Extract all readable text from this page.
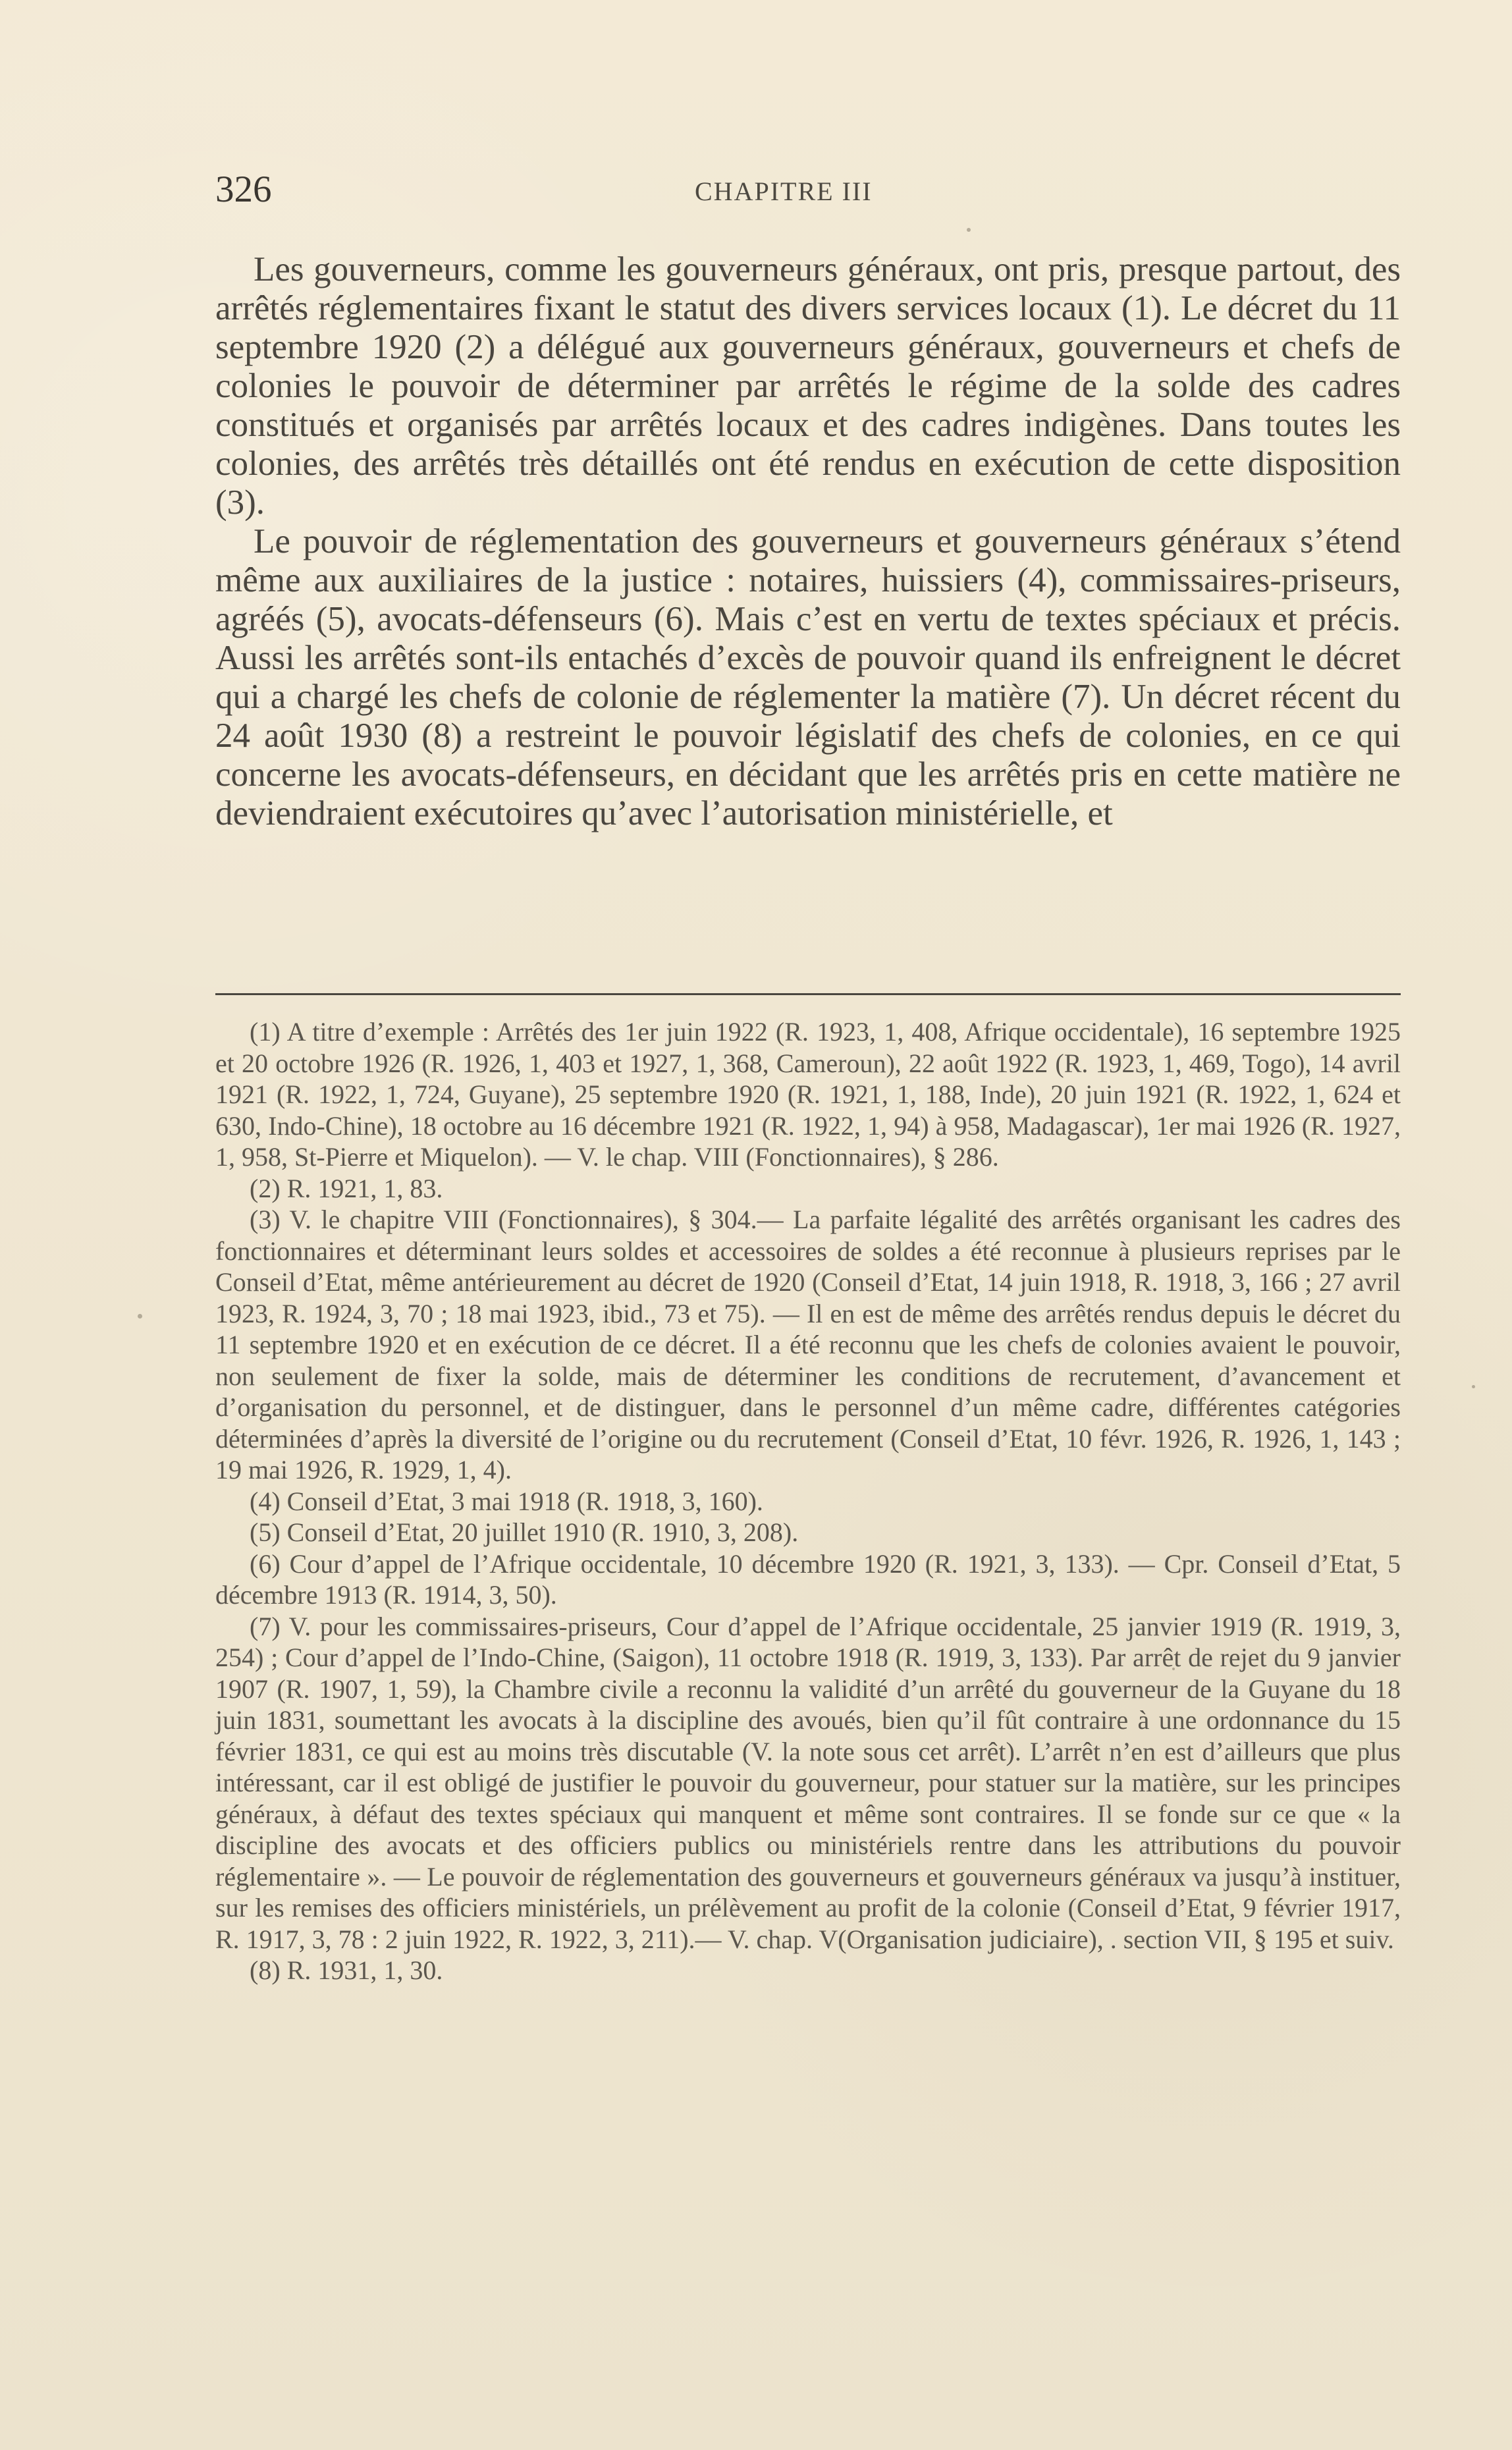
326	CHAPITRE III

Les gouverneurs, comme les gouverneurs généraux, ont pris, presque partout, des arrêtés réglementaires fixant le statut des divers services locaux (1). Le décret du 11 septembre 1920 (2) a délégué aux gouverneurs généraux, gouverneurs et chefs de colonies le pouvoir de déterminer par arrêtés le régime de la solde des cadres constitués et organisés par arrêtés locaux et des cadres indigènes. Dans toutes les colonies, des arrêtés très détaillés ont été rendus en exécution de cette disposition (3).

Le pouvoir de réglementation des gouverneurs et gouverneurs généraux s’étend même aux auxiliaires de la justice : notaires, huissiers (4), commissaires-priseurs, agréés (5), avocats-défenseurs (6). Mais c’est en vertu de textes spéciaux et précis. Aussi les arrêtés sont-ils entachés d’excès de pouvoir quand ils enfreignent le décret qui a chargé les chefs de colonie de réglementer la matière (7). Un décret récent du 24 août 1930 (8) a restreint le pouvoir législatif des chefs de colonies, en ce qui concerne les avocats-défenseurs, en décidant que les arrêtés pris en cette matière ne deviendraient exécutoires qu’avec l’autorisation ministérielle, et

(1) A titre d’exemple : Arrêtés des 1er juin 1922 (R. 1923, 1, 408, Afrique occidentale), 16 septembre 1925 et 20 octobre 1926 (R. 1926, 1, 403 et 1927, 1, 368, Cameroun), 22 août 1922 (R. 1923, 1, 469, Togo), 14 avril 1921 (R. 1922, 1, 724, Guyane), 25 septembre 1920 (R. 1921, 1, 188, Inde), 20 juin 1921 (R. 1922, 1, 624 et 630, Indo-Chine), 18 octobre au 16 décembre 1921 (R. 1922, 1, 94) à 958, Madagascar), 1er mai 1926 (R. 1927, 1, 958, St-Pierre et Miquelon). — V. le chap. VIII (Fonctionnaires), § 286.

(2) R. 1921, 1, 83.

(3) V. le chapitre VIII (Fonctionnaires), § 304.— La parfaite légalité des arrêtés organisant les cadres des fonctionnaires et déterminant leurs soldes et accessoires de soldes a été reconnue à plusieurs reprises par le Conseil d’Etat, même antérieurement au décret de 1920 (Conseil d’Etat, 14 juin 1918, R. 1918, 3, 166 ; 27 avril 1923, R. 1924, 3, 70 ; 18 mai 1923, ibid., 73 et 75). — Il en est de même des arrêtés rendus depuis le décret du 11 septembre 1920 et en exécution de ce décret. Il a été reconnu que les chefs de colonies avaient le pouvoir, non seulement de fixer la solde, mais de déterminer les conditions de recrutement, d’avancement et d’organisation du personnel, et de distinguer, dans le personnel d’un même cadre, différentes catégories déterminées d’après la diversité de l’origine ou du recrutement (Conseil d’Etat, 10 févr. 1926, R. 1926, 1, 143 ; 19 mai 1926, R. 1929, 1, 4).

(4) Conseil d’Etat, 3 mai 1918 (R. 1918, 3, 160).

(5) Conseil d’Etat, 20 juillet 1910 (R. 1910, 3, 208).

(6) Cour d’appel de l’Afrique occidentale, 10 décembre 1920 (R. 1921, 3, 133). — Cpr. Conseil d’Etat, 5 décembre 1913 (R. 1914, 3, 50).

(7) V. pour les commissaires-priseurs, Cour d’appel de l’Afrique occidentale, 25 janvier 1919 (R. 1919, 3, 254) ; Cour d’appel de l’Indo-Chine, (Saigon), 11 octobre 1918 (R. 1919, 3, 133). Par arrêt de rejet du 9 janvier 1907 (R. 1907, 1, 59), la Chambre civile a reconnu la validité d’un arrêté du gouverneur de la Guyane du 18 juin 1831, soumettant les avocats à la discipline des avoués, bien qu’il fût contraire à une ordonnance du 15 février 1831, ce qui est au moins très discutable (V. la note sous cet arrêt). L’arrêt n’en est d’ailleurs que plus intéressant, car il est obligé de justifier le pouvoir du gouverneur, pour statuer sur la matière, sur les principes généraux, à défaut des textes spéciaux qui manquent et même sont contraires. Il se fonde sur ce que « la discipline des avocats et des officiers publics ou ministériels rentre dans les attributions du pouvoir réglementaire ». — Le pouvoir de réglementation des gouverneurs et gouverneurs généraux va jusqu’à instituer, sur les remises des officiers ministériels, un prélèvement au profit de la colonie (Conseil d’Etat, 9 février 1917, R. 1917, 3, 78 : 2 juin 1922, R. 1922, 3, 211).— V. chap. V(Organisation judiciaire), . section VII, § 195 et suiv.

(8) R. 1931, 1, 30.
